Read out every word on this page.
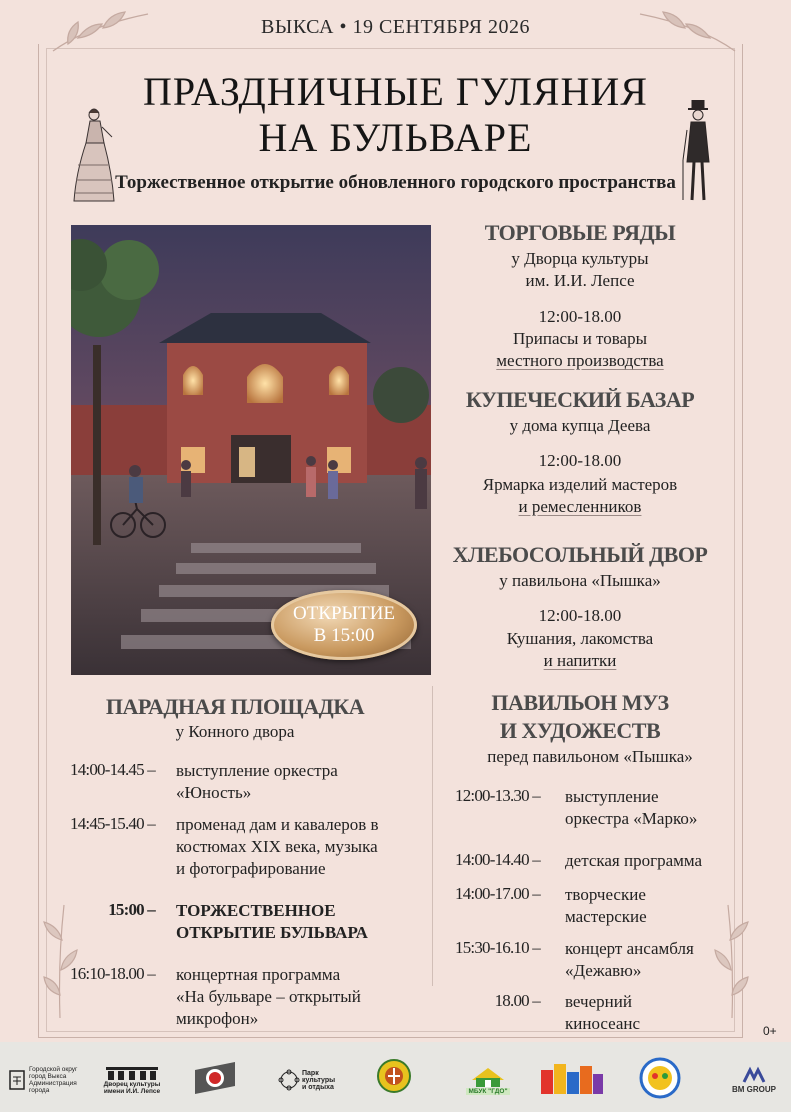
ВЫКСА • 19 СЕНТЯБРЯ 2026
ПРАЗДНИЧНЫЕ ГУЛЯНИЯ
НА БУЛЬВАРЕ
Торжественное открытие обновленного городского пространства
ОТКРЫТИЕ
В 15:00
ТОРГОВЫЕ РЯДЫ
у Дворца культуры
им. И.И. Лепсе
12:00-18.00
Припасы и товары
местного производства
КУПЕЧЕСКИЙ БАЗАР
у дома купца Деева
12:00-18.00
Ярмарка изделий мастеров
и ремесленников
ХЛЕБОСОЛЬНЫЙ ДВОР
у павильона «Пышка»
12:00-18.00
Кушания, лакомства
и напитки
ПАВИЛЬОН МУЗ
И ХУДОЖЕСТВ
перед павильоном «Пышка»
12:00-13.30 – выступление
оркестра «Марко»
14:00-14.40 – детская программа
14:00-17.00 – творческие
мастерские
15:30-16.10 – концерт ансамбля
«Дежавю»
18.00 – вечерний
киносеанс
ПАРАДНАЯ ПЛОЩАДКА
у Конного двора
14:00-14.45 – выступление оркестра
«Юность»
14:45-15.40 – променад дам и кавалеров в
костюмах XIX века, музыка
и фотографирование
15:00 – ТОРЖЕСТВЕННОЕ
ОТКРЫТИЕ БУЛЬВАРА
16:10-18.00 – концертная программа
«На бульваре – открытый
микрофон»
0+
Городской округ
город Выкса
Администрация
города
Дворец культуры
имени И.И. Лепсе
Парк
культуры
и отдыха
МБУК "ГДО"	BM GROUP
